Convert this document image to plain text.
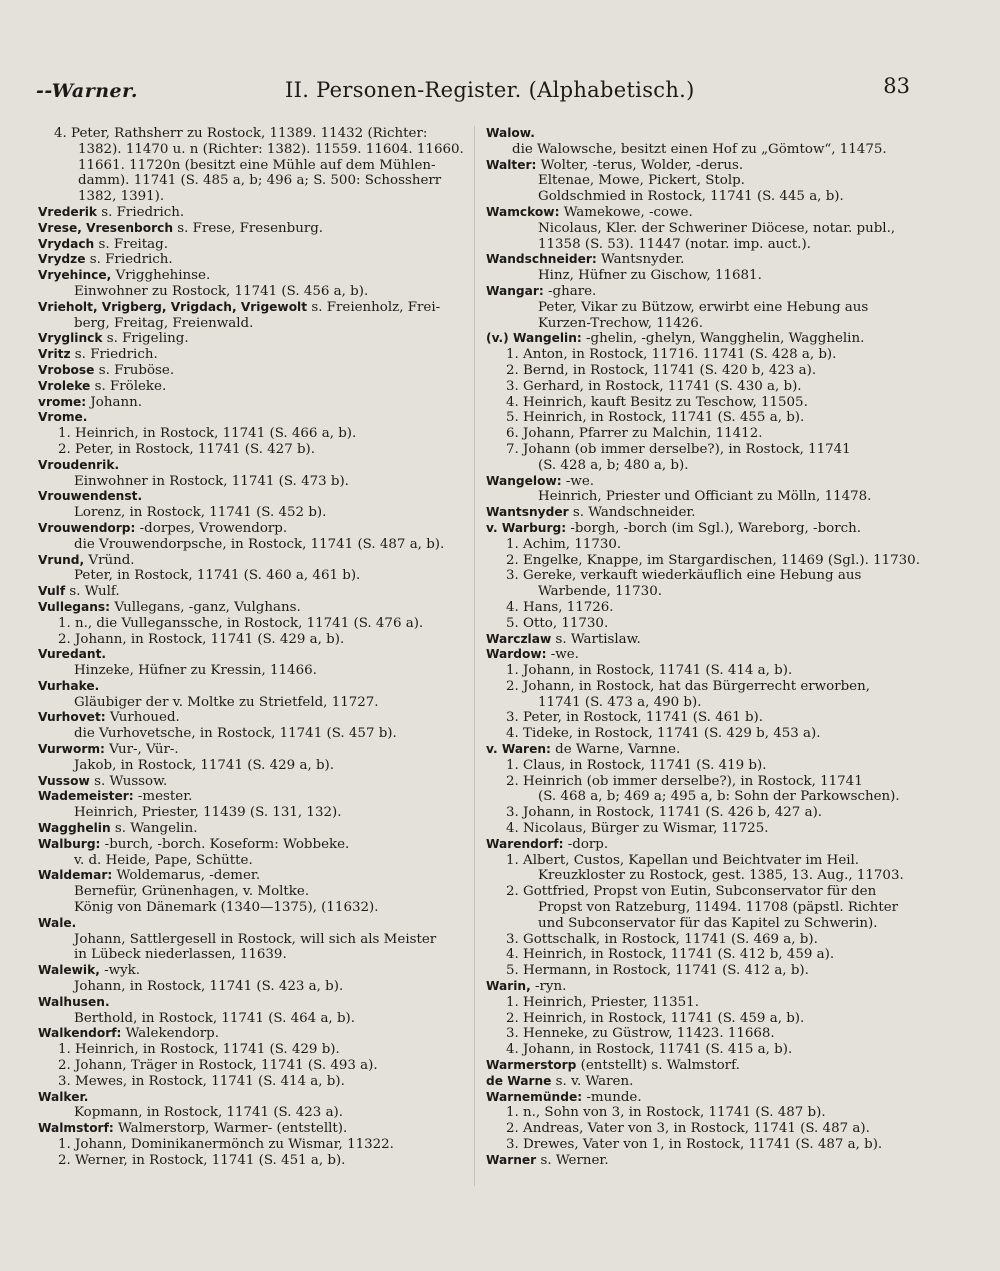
--Warner.	II. Personen-Register. (Alphabetisch.)	83
4. Peter, Rathsherr zu Rostock, 11389. 11432 (Richter:
1382). 11470 u. n (Richter: 1382). 11559. 11604. 11660.
11661. 11720n (besitzt eine Mühle auf dem Mühlen-
damm). 11741 (S. 485 a, b; 496 a; S. 500: Schossherr
1382, 1391).
Vrederik s. Friedrich.
Vrese, Vresenborch s. Frese, Fresenburg.
Vrydach s. Freitag.
Vrydze s. Friedrich.
Vryehince, Vrigghehinse.
Einwohner zu Rostock, 11741 (S. 456 a, b).
Vrieholt, Vrigberg, Vrigdach, Vrigewolt s. Freienholz, Frei-
berg, Freitag, Freienwald.
Vryglinck s. Frigeling.
Vritz s. Friedrich.
Vrobose s. Fruböse.
Vroleke s. Fröleke.
vrome: Johann.
Vrome.
1. Heinrich, in Rostock, 11741 (S. 466 a, b).
2. Peter, in Rostock, 11741 (S. 427 b).
Vroudenrik.
Einwohner in Rostock, 11741 (S. 473 b).
Vrouwendenst.
Lorenz, in Rostock, 11741 (S. 452 b).
Vrouwendorp: -dorpes, Vrowendorp.
die Vrouwendorpsche, in Rostock, 11741 (S. 487 a, b).
Vrund, Vründ.
Peter, in Rostock, 11741 (S. 460 a, 461 b).
Vulf s. Wulf.
Vullegans: Vullegans, -ganz, Vulghans.
1. n., die Vulleganssche, in Rostock, 11741 (S. 476 a).
2. Johann, in Rostock, 11741 (S. 429 a, b).
Vuredant.
Hinzeke, Hüfner zu Kressin, 11466.
Vurhake.
Gläubiger der v. Moltke zu Strietfeld, 11727.
Vurhovet: Vurhoued.
die Vurhovetsche, in Rostock, 11741 (S. 457 b).
Vurworm: Vur-, Vür-.
Jakob, in Rostock, 11741 (S. 429 a, b).
Vussow s. Wussow.
Wademeister: -mester.
Heinrich, Priester, 11439 (S. 131, 132).
Wagghelin s. Wangelin.
Walburg: -burch, -borch. Koseform: Wobbeke.
v. d. Heide, Pape, Schütte.
Waldemar: Woldemarus, -demer.
Bernefür, Grünenhagen, v. Moltke.
König von Dänemark (1340—1375), (11632).
Wale.
Johann, Sattlergesell in Rostock, will sich als Meister
in Lübeck niederlassen, 11639.
Walewik, -wyk.
Johann, in Rostock, 11741 (S. 423 a, b).
Walhusen.
Berthold, in Rostock, 11741 (S. 464 a, b).
Walkendorf: Walekendorp.
1. Heinrich, in Rostock, 11741 (S. 429 b).
2. Johann, Träger in Rostock, 11741 (S. 493 a).
3. Mewes, in Rostock, 11741 (S. 414 a, b).
Walker.
Kopmann, in Rostock, 11741 (S. 423 a).
Walmstorf: Walmerstorp, Warmer- (entstellt).
1. Johann, Dominikanermönch zu Wismar, 11322.
2. Werner, in Rostock, 11741 (S. 451 a, b).
Walow.
die Walowsche, besitzt einen Hof zu „Gömtow“, 11475.
Walter: Wolter, -terus, Wolder, -derus.
Eltenae, Mowe, Pickert, Stolp.
Goldschmied in Rostock, 11741 (S. 445 a, b).
Wamckow: Wamekowe, -cowe.
Nicolaus, Kler. der Schweriner Diöcese, notar. publ.,
11358 (S. 53). 11447 (notar. imp. auct.).
Wandschneider: Wantsnyder.
Hinz, Hüfner zu Gischow, 11681.
Wangar: -ghare.
Peter, Vikar zu Bützow, erwirbt eine Hebung aus
Kurzen-Trechow, 11426.
(v.) Wangelin: -ghelin, -ghelyn, Wangghelin, Wagghelin.
1. Anton, in Rostock, 11716. 11741 (S. 428 a, b).
2. Bernd, in Rostock, 11741 (S. 420 b, 423 a).
3. Gerhard, in Rostock, 11741 (S. 430 a, b).
4. Heinrich, kauft Besitz zu Teschow, 11505.
5. Heinrich, in Rostock, 11741 (S. 455 a, b).
6. Johann, Pfarrer zu Malchin, 11412.
7. Johann (ob immer derselbe?), in Rostock, 11741
(S. 428 a, b; 480 a, b).
Wangelow: -we.
Heinrich, Priester und Officiant zu Mölln, 11478.
Wantsnyder s. Wandschneider.
v. Warburg: -borgh, -borch (im Sgl.), Wareborg, -borch.
1. Achim, 11730.
2. Engelke, Knappe, im Stargardischen, 11469 (Sgl.). 11730.
3. Gereke, verkauft wiederkäuflich eine Hebung aus
Warbende, 11730.
4. Hans, 11726.
5. Otto, 11730.
Warczlaw s. Wartislaw.
Wardow: -we.
1. Johann, in Rostock, 11741 (S. 414 a, b).
2. Johann, in Rostock, hat das Bürgerrecht erworben,
11741 (S. 473 a, 490 b).
3. Peter, in Rostock, 11741 (S. 461 b).
4. Tideke, in Rostock, 11741 (S. 429 b, 453 a).
v. Waren: de Warne, Varnne.
1. Claus, in Rostock, 11741 (S. 419 b).
2. Heinrich (ob immer derselbe?), in Rostock, 11741
(S. 468 a, b; 469 a; 495 a, b: Sohn der Parkowschen).
3. Johann, in Rostock, 11741 (S. 426 b, 427 a).
4. Nicolaus, Bürger zu Wismar, 11725.
Warendorf: -dorp.
1. Albert, Custos, Kapellan und Beichtvater im Heil.
Kreuzkloster zu Rostock, gest. 1385, 13. Aug., 11703.
2. Gottfried, Propst von Eutin, Subconservator für den
Propst von Ratzeburg, 11494. 11708 (päpstl. Richter
und Subconservator für das Kapitel zu Schwerin).
3. Gottschalk, in Rostock, 11741 (S. 469 a, b).
4. Heinrich, in Rostock, 11741 (S. 412 b, 459 a).
5. Hermann, in Rostock, 11741 (S. 412 a, b).
Warin, -ryn.
1. Heinrich, Priester, 11351.
2. Heinrich, in Rostock, 11741 (S. 459 a, b).
3. Henneke, zu Güstrow, 11423. 11668.
4. Johann, in Rostock, 11741 (S. 415 a, b).
Warmerstorp (entstellt) s. Walmstorf.
de Warne s. v. Waren.
Warnemünde: -munde.
1. n., Sohn von 3, in Rostock, 11741 (S. 487 b).
2. Andreas, Vater von 3, in Rostock, 11741 (S. 487 a).
3. Drewes, Vater von 1, in Rostock, 11741 (S. 487 a, b).
Warner s. Werner.
